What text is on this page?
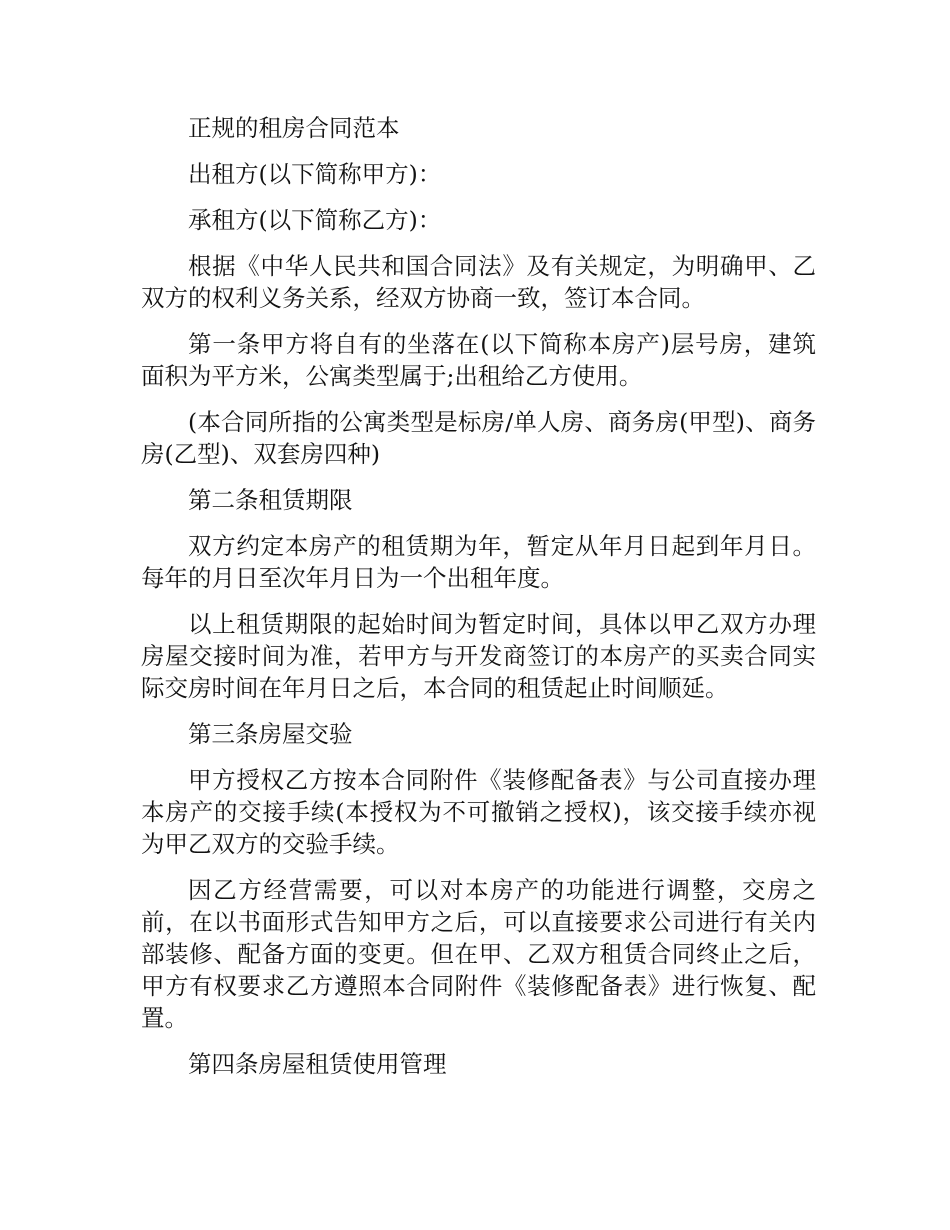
正规的租房合同范本

出租方(以下简称甲方)：

承租方(以下简称乙方)：

根据《中华人民共和国合同法》及有关规定，为明确甲、乙双方的权利义务关系，经双方协商一致，签订本合同。

第一条甲方将自有的坐落在(以下简称本房产)层号房，建筑面积为平方米，公寓类型属于;出租给乙方使用。

(本合同所指的公寓类型是标房/单人房、商务房(甲型)、商务房(乙型)、双套房四种)

第二条租赁期限

双方约定本房产的租赁期为年，暂定从年月日起到年月日。每年的月日至次年月日为一个出租年度。

以上租赁期限的起始时间为暂定时间，具体以甲乙双方办理房屋交接时间为准，若甲方与开发商签订的本房产的买卖合同实际交房时间在年月日之后，本合同的租赁起止时间顺延。

第三条房屋交验

甲方授权乙方按本合同附件《装修配备表》与公司直接办理本房产的交接手续(本授权为不可撤销之授权)，该交接手续亦视为甲乙双方的交验手续。

因乙方经营需要，可以对本房产的功能进行调整，交房之前，在以书面形式告知甲方之后，可以直接要求公司进行有关内部装修、配备方面的变更。但在甲、乙双方租赁合同终止之后，甲方有权要求乙方遵照本合同附件《装修配备表》进行恢复、配置。

第四条房屋租赁使用管理
